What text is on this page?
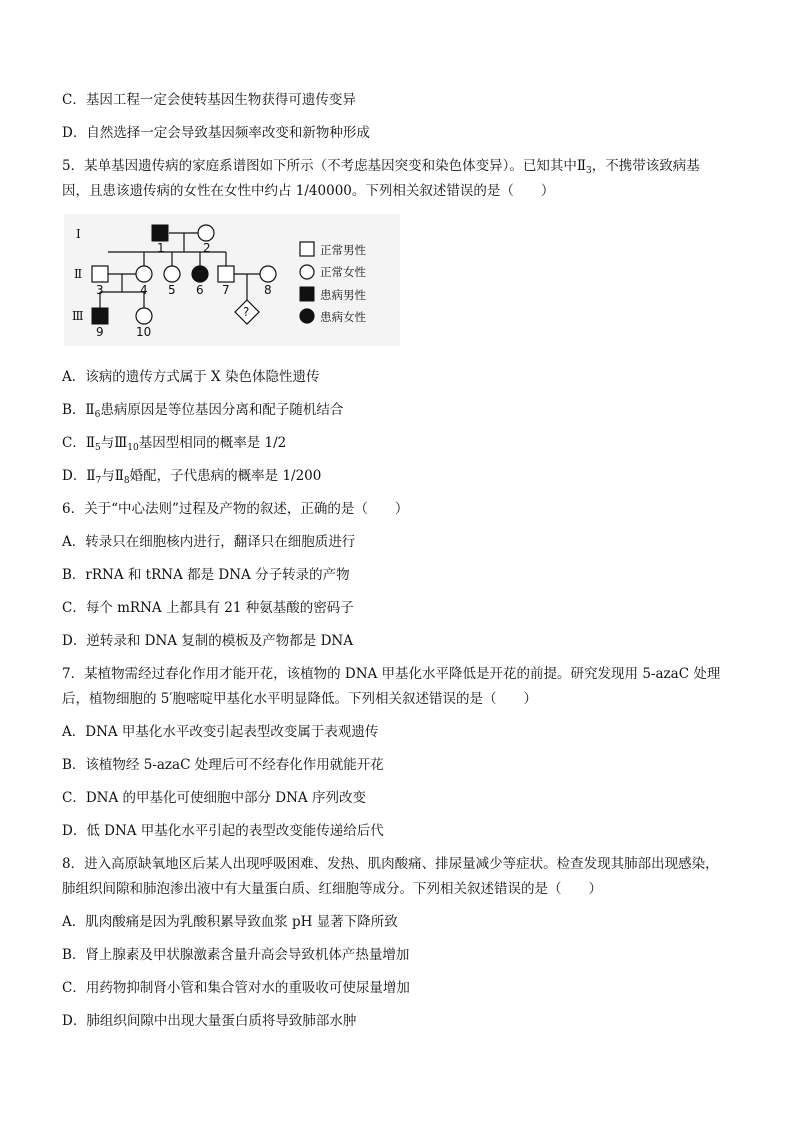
C．基因工程一定会使转基因生物获得可遗传变异
D．自然选择一定会导致基因频率改变和新物种形成
5．某单基因遗传病的家庭系谱图如下所示（不考虑基因突变和染色体变异）。已知其中$Ⅱ_3$，不携带该致病基
因，且患该遗传病的女性在女性中约占 1/40000。下列相关叙述错误的是（　　）
?
Ⅰ
Ⅱ
Ⅲ
1	2
3	4 5 6 7	8
9	10
正常男性
正常女性
患病男性
患病女性
A．该病的遗传方式属于 X 染色体隐性遗传
B．$Ⅱ_6$患病原因是等位基因分离和配子随机结合
C．$Ⅱ_5$与$Ⅲ_{10}$基因型相同的概率是 1/2
D．$Ⅱ_7$与$Ⅱ_8$婚配，子代患病的概率是 1/200
6．关于“中心法则”过程及产物的叙述，正确的是（　　）
A．转录只在细胞核内进行，翻译只在细胞质进行
B．rRNA 和 tRNA 都是 DNA 分子转录的产物
C．每个 mRNA 上都具有 21 种氨基酸的密码子
D．逆转录和 DNA 复制的模板及产物都是 DNA
7．某植物需经过春化作用才能开花，该植物的 DNA 甲基化水平降低是开花的前提。研究发现用 5-azaC 处理
后，植物细胞的 5′胞嘧啶甲基化水平明显降低。下列相关叙述错误的是（　　）
A．DNA 甲基化水平改变引起表型改变属于表观遗传
B．该植物经 5-azaC 处理后可不经春化作用就能开花
C．DNA 的甲基化可使细胞中部分 DNA 序列改变
D．低 DNA 甲基化水平引起的表型改变能传递给后代
8．进入高原缺氧地区后某人出现呼吸困难、发热、肌肉酸痛、排尿量减少等症状。检查发现其肺部出现感染，
肺组织间隙和肺泡渗出液中有大量蛋白质、红细胞等成分。下列相关叙述错误的是（　　）
A．肌肉酸痛是因为乳酸积累导致血浆 pH 显著下降所致
B．肾上腺素及甲状腺激素含量升高会导致机体产热量增加
C．用药物抑制肾小管和集合管对水的重吸收可使尿量增加
D．肺组织间隙中出现大量蛋白质将导致肺部水肿
